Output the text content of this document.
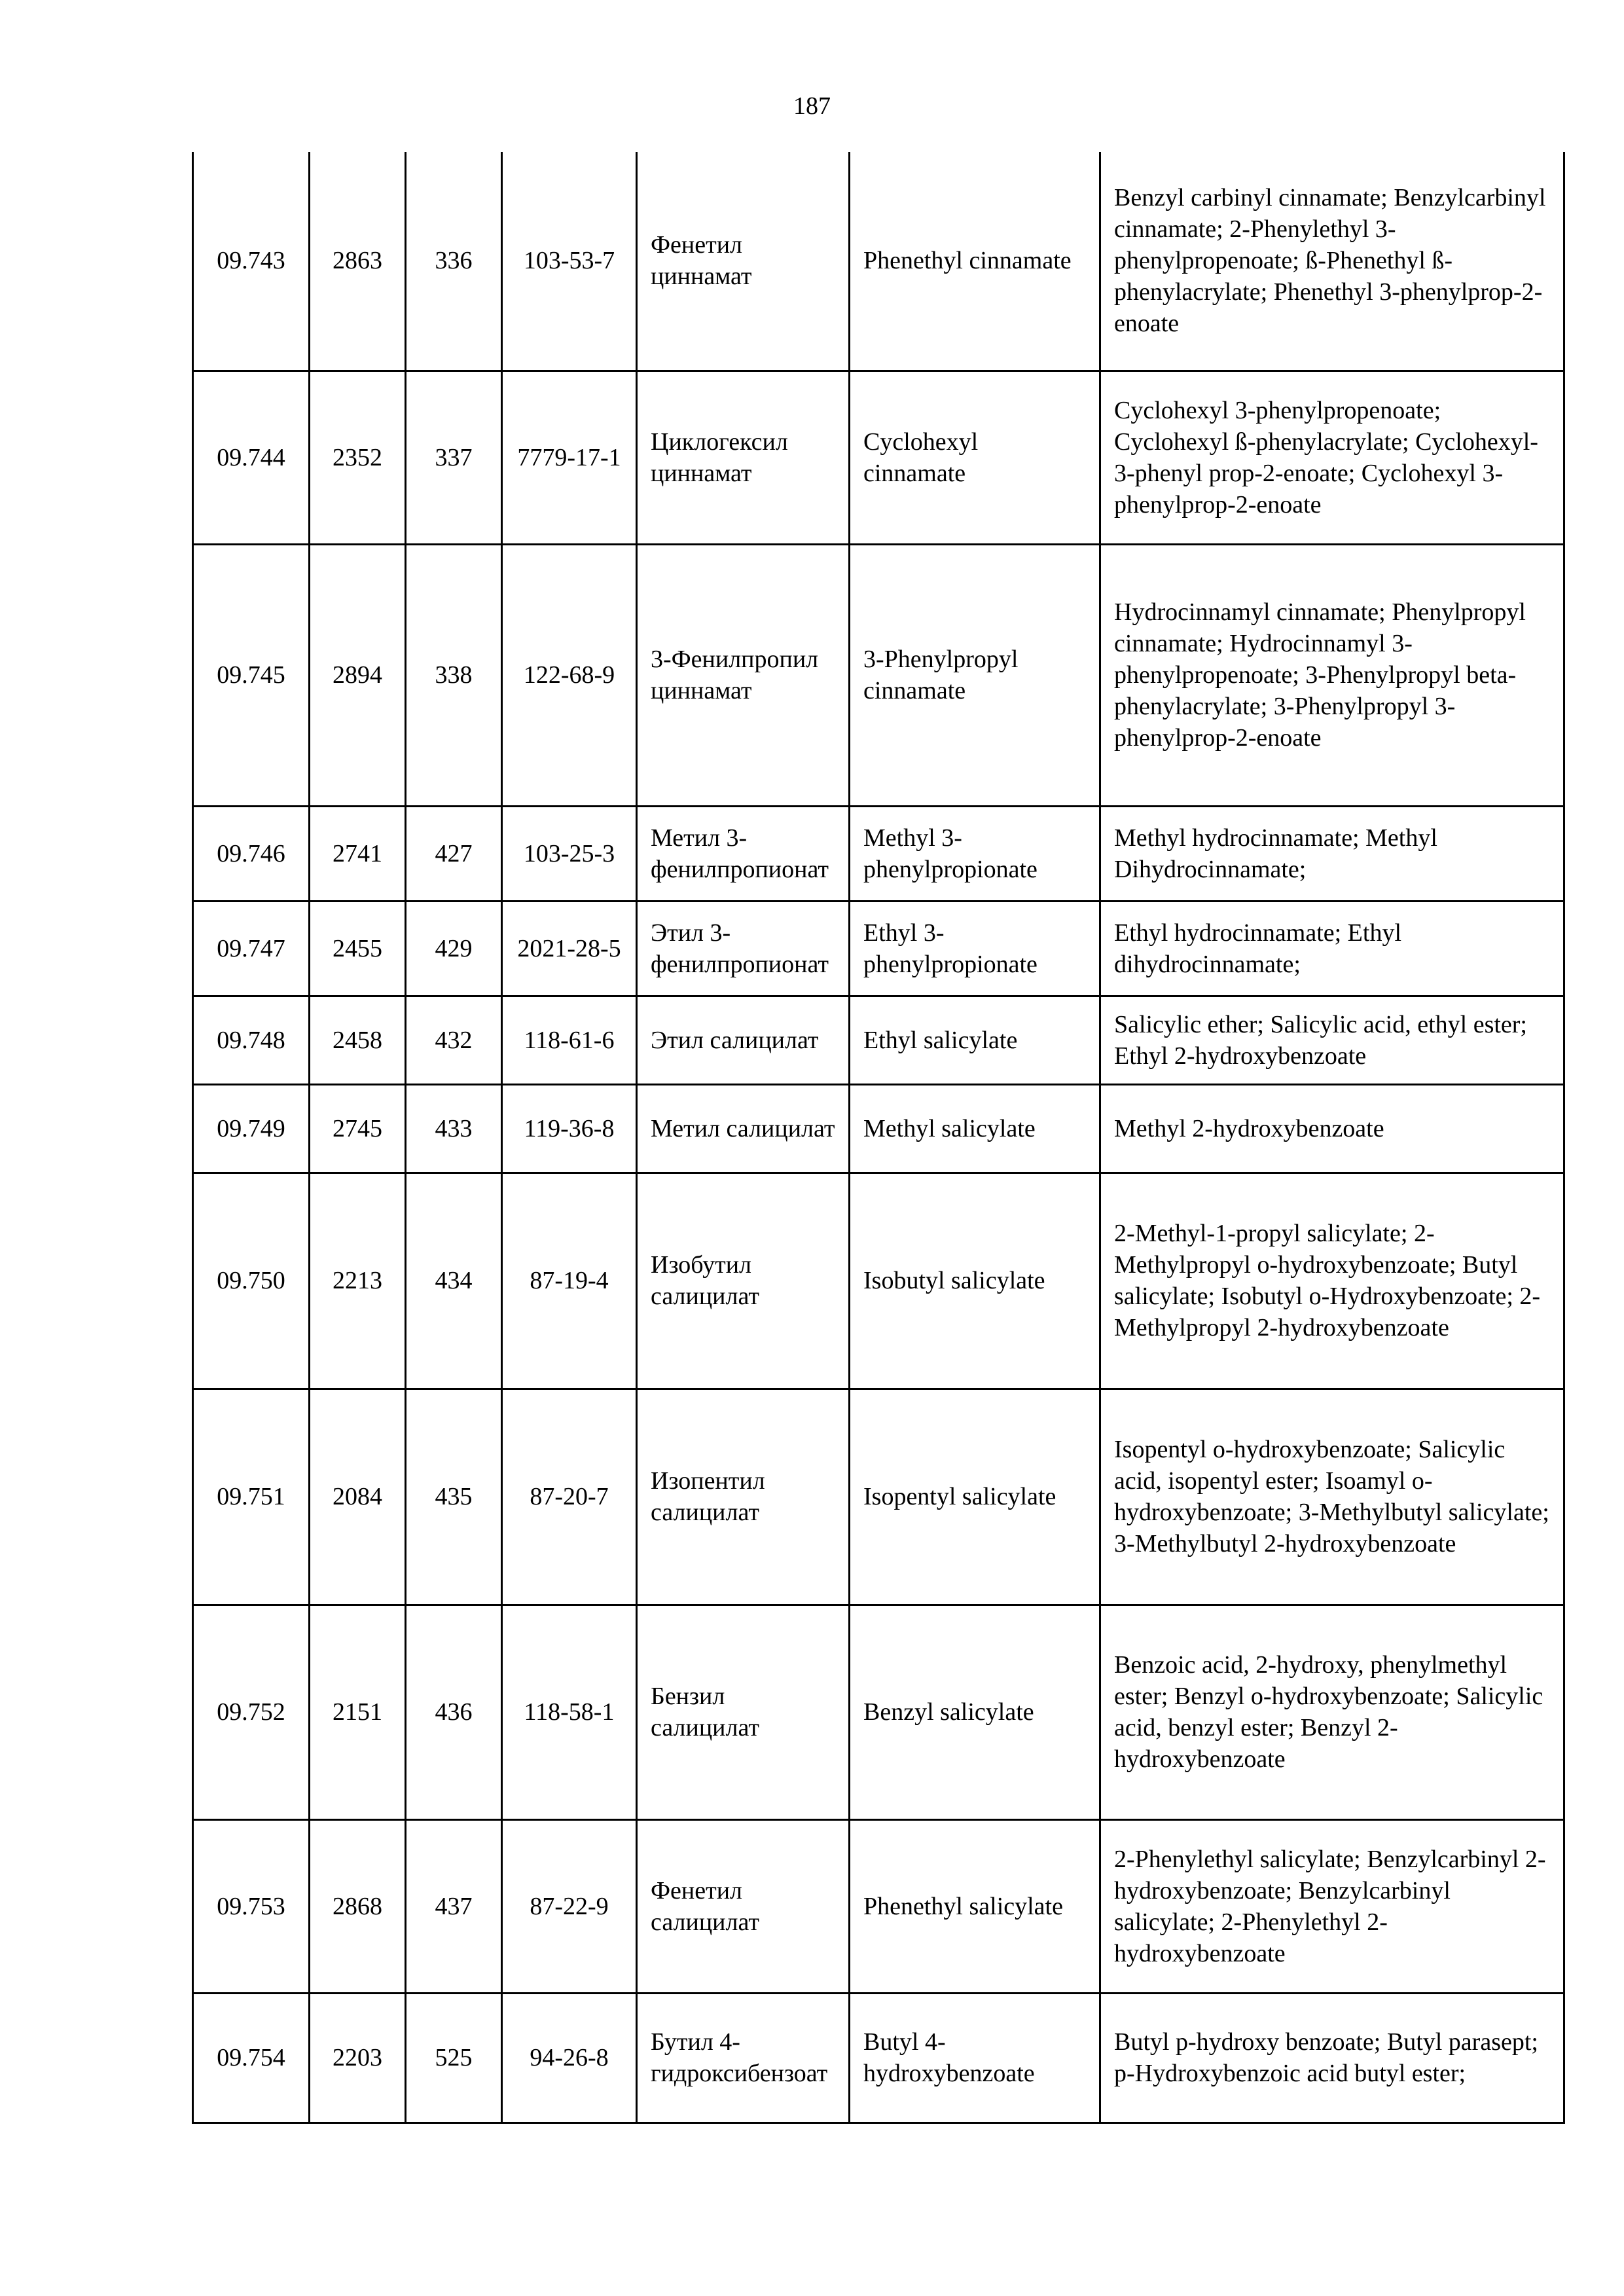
187
09.743	2863	336	103-53-7	Фенетил циннамат	Phenethyl cinnamate	Benzyl carbinyl cinnamate; Benzylcarbinyl cinnamate; 2-Phenylethyl 3-phenylpropenoate; ß-Phenethyl ß-phenylacrylate; Phenethyl 3-phenylprop-2-enoate
09.744	2352	337	7779-17-1	Циклогексил циннамат	Cyclohexyl cinnamate	Cyclohexyl 3-phenylpropenoate; Cyclohexyl ß-phenylacrylate; Cyclohexyl-3-phenyl prop-2-enoate; Cyclohexyl 3-phenylprop-2-enoate
09.745	2894	338	122-68-9	3-Фенилпропил циннамат	3-Phenylpropyl cinnamate	Hydrocinnamyl cinnamate; Phenylpropyl cinnamate; Hydrocinnamyl 3-phenylpropenoate; 3-Phenylpropyl beta-phenylacrylate; 3-Phenylpropyl 3-phenylprop-2-enoate
09.746	2741	427	103-25-3	Метил 3-фенилпропионат	Methyl 3-phenylpropionate	Methyl hydrocinnamate; Methyl Dihydrocinnamate;
09.747	2455	429	2021-28-5	Этил 3-фенилпропионат	Ethyl 3-phenylpropionate	Ethyl hydrocinnamate; Ethyl dihydrocinnamate;
09.748	2458	432	118-61-6	Этил салицилат	Ethyl salicylate	Salicylic ether; Salicylic acid, ethyl ester; Ethyl 2-hydroxybenzoate
09.749	2745	433	119-36-8	Метил салицилат	Methyl salicylate	Methyl 2-hydroxybenzoate
09.750	2213	434	87-19-4	Изобутил салицилат	Isobutyl salicylate	2-Methyl-1-propyl salicylate; 2-Methylpropyl o-hydroxybenzoate; Butyl salicylate; Isobutyl o-Hydroxybenzoate; 2-Methylpropyl 2-hydroxybenzoate
09.751	2084	435	87-20-7	Изопентил салицилат	Isopentyl salicylate	Isopentyl o-hydroxybenzoate; Salicylic acid, isopentyl ester; Isoamyl o-hydroxybenzoate; 3-Methylbutyl salicylate; 3-Methylbutyl 2-hydroxybenzoate
09.752	2151	436	118-58-1	Бензил салицилат	Benzyl salicylate	Benzoic acid, 2-hydroxy, phenylmethyl ester; Benzyl o-hydroxybenzoate; Salicylic acid, benzyl ester; Benzyl 2-hydroxybenzoate
09.753	2868	437	87-22-9	Фенетил салицилат	Phenethyl salicylate	2-Phenylethyl salicylate; Benzylcarbinyl 2-hydroxybenzoate; Benzylcarbinyl salicylate; 2-Phenylethyl 2-hydroxybenzoate
09.754	2203	525	94-26-8	Бутил 4-гидроксибензоат	Butyl 4-hydroxybenzoate	Butyl p-hydroxy benzoate; Butyl parasept; p-Hydroxybenzoic acid butyl ester;
